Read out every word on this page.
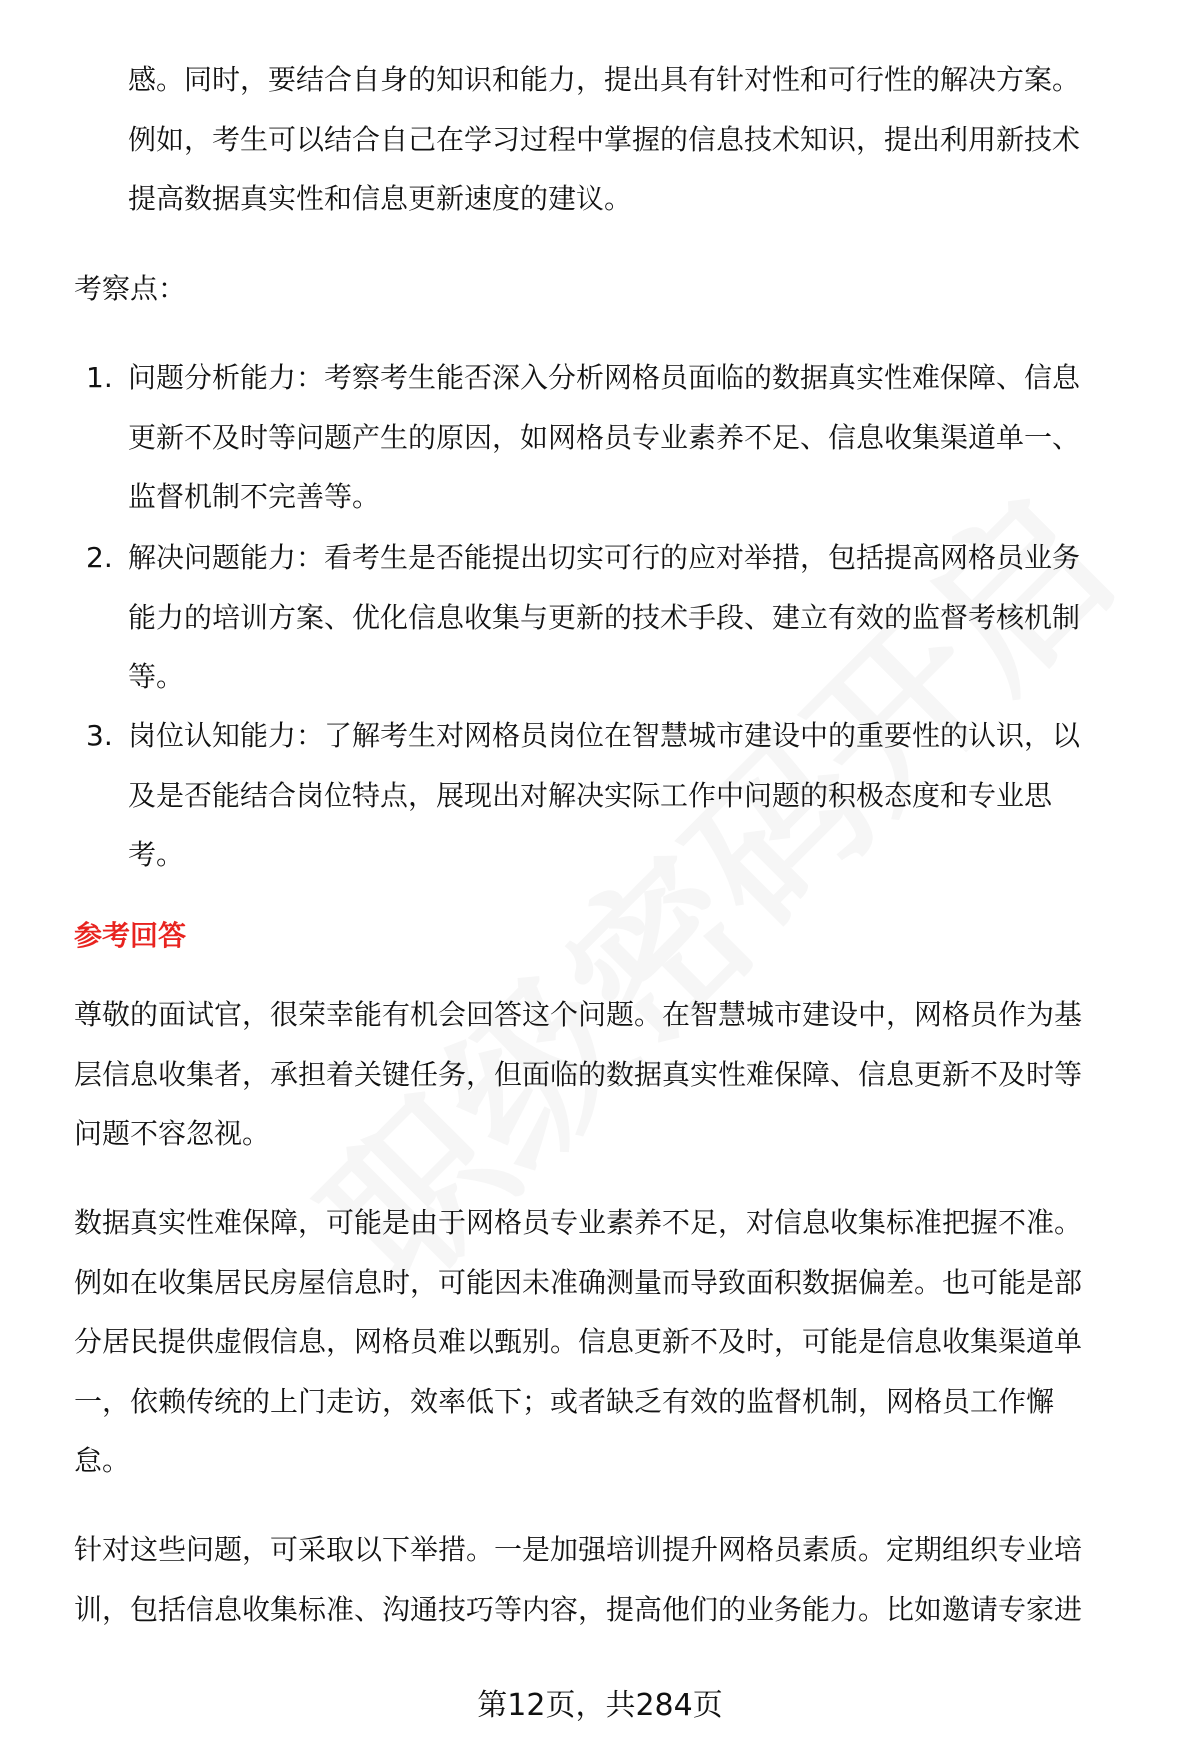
感。同时，要结合自身的知识和能力，提出具有针对性和可行性的解决方案。
例如，考生可以结合自己在学习过程中掌握的信息技术知识，提出利用新技术
提高数据真实性和信息更新速度的建议。
考察点：
1. 问题分析能力：考察考生能否深入分析网格员面临的数据真实性难保障、信息
更新不及时等问题产生的原因，如网格员专业素养不足、信息收集渠道单一、
监督机制不完善等。
2. 解决问题能力：看考生是否能提出切实可行的应对举措，包括提高网格员业务
能力的培训方案、优化信息收集与更新的技术手段、建立有效的监督考核机制
等。
3. 岗位认知能力：了解考生对网格员岗位在智慧城市建设中的重要性的认识，以
及是否能结合岗位特点，展现出对解决实际工作中问题的积极态度和专业思
考。
参考回答
尊敬的面试官，很荣幸能有机会回答这个问题。在智慧城市建设中，网格员作为基
层信息收集者，承担着关键任务，但面临的数据真实性难保障、信息更新不及时等
问题不容忽视。
数据真实性难保障，可能是由于网格员专业素养不足，对信息收集标准把握不准。
例如在收集居民房屋信息时，可能因未准确测量而导致面积数据偏差。也可能是部
分居民提供虚假信息，网格员难以甄别。信息更新不及时，可能是信息收集渠道单
一，依赖传统的上门走访，效率低下；或者缺乏有效的监督机制，网格员工作懈
怠。
针对这些问题，可采取以下举措。一是加强培训提升网格员素质。定期组织专业培
训，包括信息收集标准、沟通技巧等内容，提高他们的业务能力。比如邀请专家进
第12页，共284页
